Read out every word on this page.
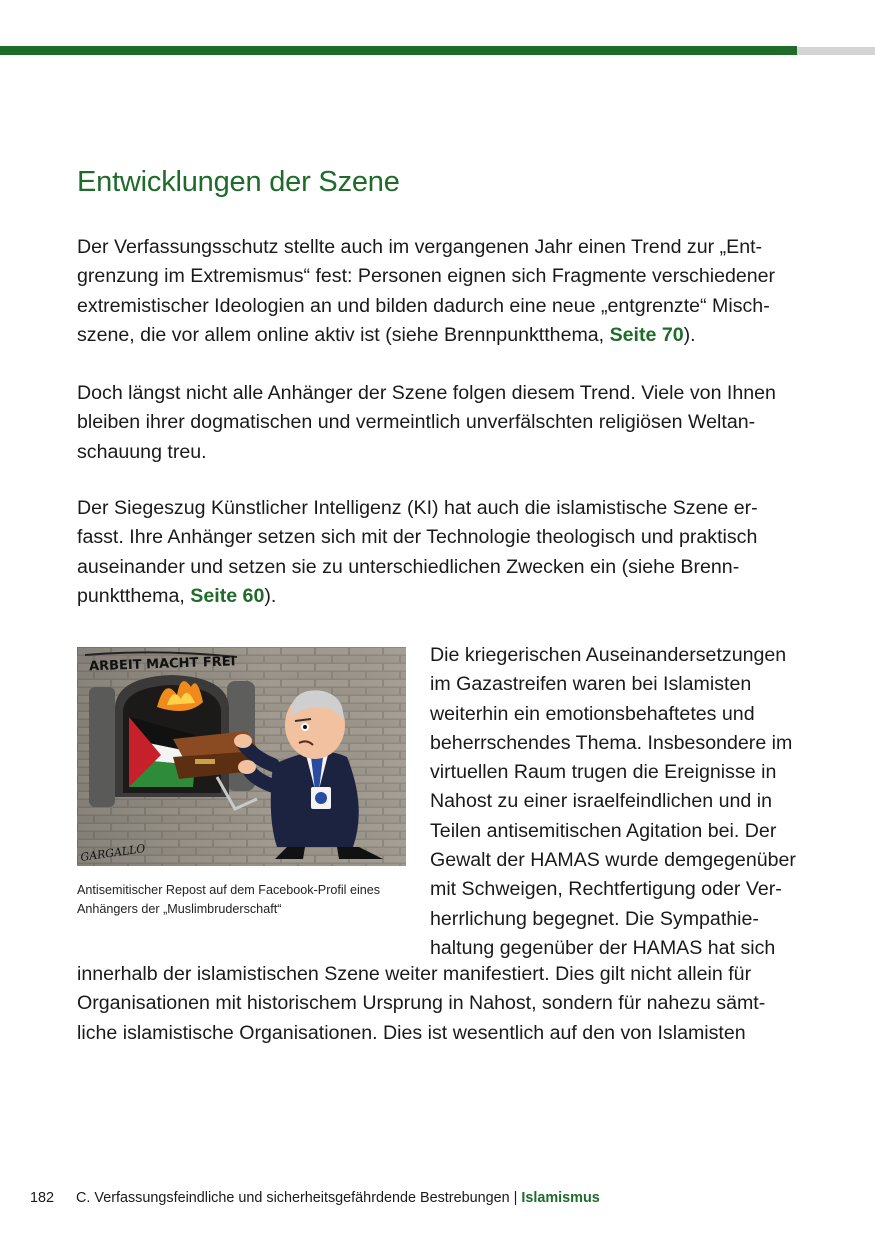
Entwicklungen der Szene

Der Verfassungsschutz stellte auch im vergangenen Jahr einen Trend zur „Ent-
grenzung im Extremismus“ fest: Personen eignen sich Fragmente verschiedener
extremistischer Ideologien an und bilden dadurch eine neue „entgrenzte“ Misch-
szene, die vor allem online aktiv ist (siehe Brennpunktthema, Seite 70).

Doch längst nicht alle Anhänger der Szene folgen diesem Trend. Viele von Ihnen
bleiben ihrer dogmatischen und vermeintlich unverfälschten religiösen Weltan-
schauung treu.

Der Siegeszug Künstlicher Intelligenz (KI) hat auch die islamistische Szene er-
fasst. Ihre Anhänger setzen sich mit der Technologie theologisch und praktisch
auseinander und setzen sie zu unterschiedlichen Zwecken ein (siehe Brenn-
punktthema, Seite 60).

ARBEIT MACHT FREI
GARGALLO

Antisemitischer Repost auf dem Facebook-Profil eines
Anhängers der „Muslimbruderschaft“

Die kriegerischen Auseinandersetzungen
im Gazastreifen waren bei Islamisten
weiterhin ein emotionsbehaftetes und
beherrschendes Thema. Insbesondere im
virtuellen Raum trugen die Ereignisse in
Nahost zu einer israelfeindlichen und in
Teilen antisemitischen Agitation bei. Der
Gewalt der HAMAS wurde demgegenüber
mit Schweigen, Rechtfertigung oder Ver-
herrlichung begegnet. Die Sympathie-
haltung gegenüber der HAMAS hat sich

innerhalb der islamistischen Szene weiter manifestiert. Dies gilt nicht allein für
Organisationen mit historischem Ursprung in Nahost, sondern für nahezu sämt-
liche islamistische Organisationen. Dies ist wesentlich auf den von Islamisten

182 C. Verfassungsfeindliche und sicherheitsgefährdende Bestrebungen | Islamismus
